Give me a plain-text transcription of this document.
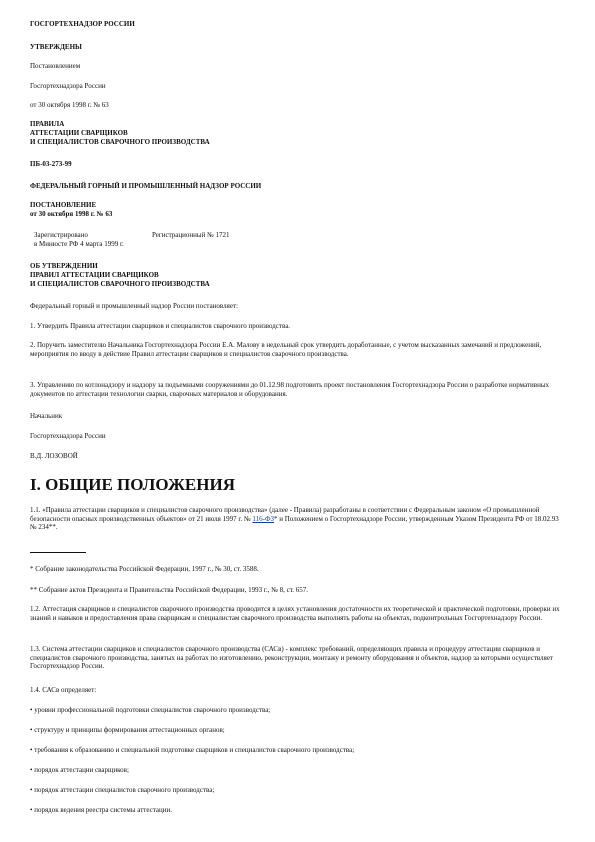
ГОСГОРТЕХНАДЗОР РОССИИ
УТВЕРЖДЕНЫ
Постановлением
Госгортехнадзора России
от 30 октября 1998 г. № 63
ПРАВИЛА
АТТЕСТАЦИИ СВАРЩИКОВ
И СПЕЦИАЛИСТОВ СВАРОЧНОГО ПРОИЗВОДСТВА
ПБ-03-273-99
ФЕДЕРАЛЬНЫЙ ГОРНЫЙ И ПРОМЫШЛЕННЫЙ НАДЗОР РОССИИ
ПОСТАНОВЛЕНИЕ
от 30 октября 1998 г. № 63
Зарегистрировано	Регистрационный № 1721
в Минюсте РФ 4 марта 1999 г.
ОБ УТВЕРЖДЕНИИ
ПРАВИЛ АТТЕСТАЦИИ СВАРЩИКОВ
И СПЕЦИАЛИСТОВ СВАРОЧНОГО ПРОИЗВОДСТВА
Федеральный горный и промышленный надзор России постановляет:
1. Утвердить Правила аттестации сварщиков и специалистов сварочного производства.
2. Поручить заместителю Начальника Госгортехнадзора России Е.А. Малову в недельный срок утвердить доработанные, с учетом высказанных замечаний и предложений, мероприятия по вводу в действие Правил аттестации сварщиков и специалистов сварочного производства.
3. Управлению по котлонадзору и надзору за подъемными сооружениями до 01.12.98 подготовить проект постановления Госгортехнадзора России о разработке нормативных документов по аттестации технологии сварки, сварочных материалов и оборудования.
Начальник
Госгортехнадзора России
В.Д. ЛОЗОВОЙ
I. ОБЩИЕ ПОЛОЖЕНИЯ
1.1. «Правила аттестации сварщиков и специалистов сварочного производства» (далее - Правила) разработаны в соответствии с Федеральным законом «О промышленной безопасности опасных производственных объектов» от 21 июля 1997 г. № 116-ФЗ* и Положением о Госгортехнадзоре России, утвержденным Указом Президента РФ от 18.02.93 № 234**.
* Собрание законодательства Российской Федерации, 1997 г., № 30, ст. 3588.
** Собрание актов Президента и Правительства Российской Федерации, 1993 г., № 8, ст. 657.
1.2. Аттестация сварщиков и специалистов сварочного производства проводится в целях установления достаточности их теоретической и практической подготовки, проверки их знаний и навыков и предоставления права сварщикам и специалистам сварочного производства выполнять работы на объектах, подконтрольных Госгортехнадзору России.
1.3. Система аттестации сварщиков и специалистов сварочного производства (САСв) - комплекс требований, определяющих правила и процедуру аттестации сварщиков и специалистов сварочного производства, занятых на работах по изготовлению, реконструкции, монтажу и ремонту оборудования и объектов, надзор за которыми осуществляет Госгортехнадзор России.
1.4. САСв определяет:
• уровни профессиональной подготовки специалистов сварочного производства;
• структуру и принципы формирования аттестационных органов;
• требования к образованию и специальной подготовке сварщиков и специалистов сварочного производства;
• порядок аттестации сварщиков;
• порядок аттестации специалистов сварочного производства;
• порядок ведения реестра системы аттестации.
